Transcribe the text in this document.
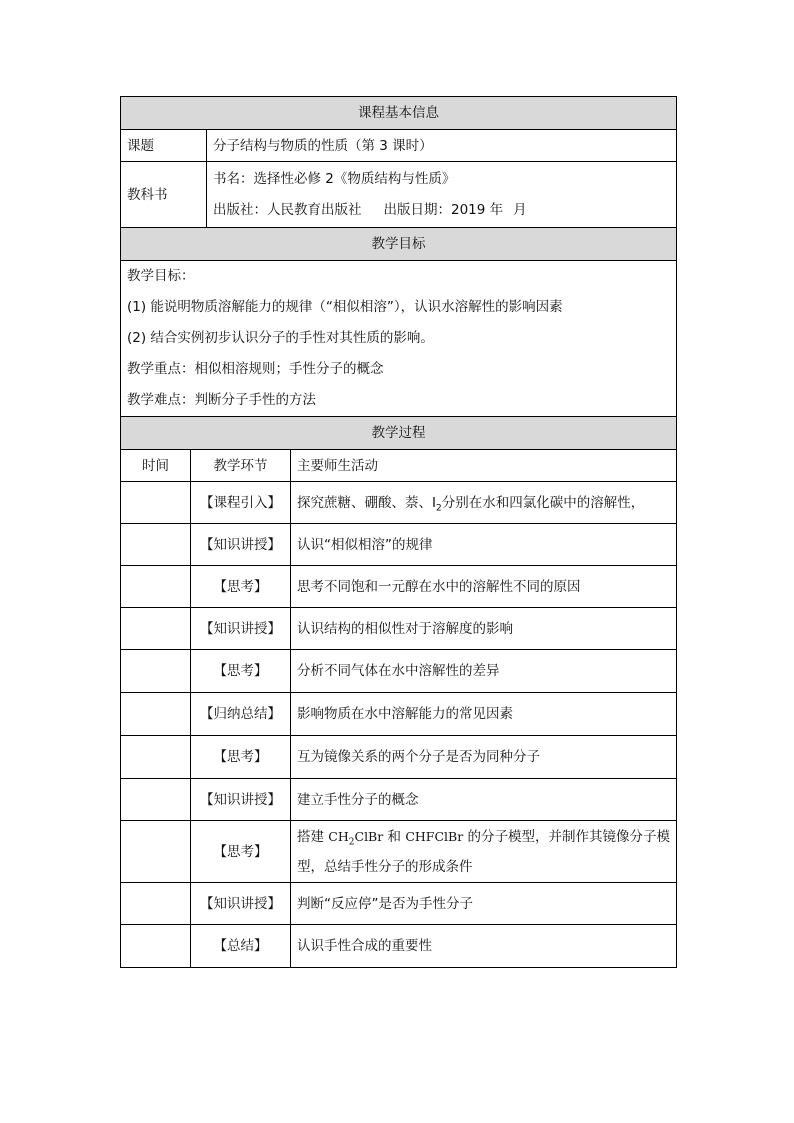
课程基本信息	
课题	分子结构与物质的性质（第 3 课时）
教科书	书名：选择性必修 2《物质结构与性质》
出版社：人民教育出版社 出版日期：2019 年 月

教学目标	

教学目标：
(1) 能说明物质溶解能力的规律（“相似相溶”），认识水溶解性的影响因素
(2) 结合实例初步认识分子的手性对其性质的影响。
教学重点：相似相溶规则；手性分子的概念
教学难点：判断分子手性的方法	

教学过程	
时间	教学环节	主要师生活动
	【课程引入】	探究蔗糖、硼酸、萘、$I_2$分别在水和四氯化碳中的溶解性，
	【知识讲授】	认识“相似相溶”的规律
	【思考】	思考不同饱和一元醇在水中的溶解性不同的原因
	【知识讲授】	认识结构的相似性对于溶解度的影响
	【思考】	分析不同气体在水中溶解性的差异
	【归纳总结】	影响物质在水中溶解能力的常见因素
	【思考】	互为镜像关系的两个分子是否为同种分子
	【知识讲授】	建立手性分子的概念
	【思考】	搭建 $CH_2ClBr$ 和 CHFClBr 的分子模型，并制作其镜像分子模
型，总结手性分子的形成条件
	【知识讲授】	判断“反应停”是否为手性分子
	【总结】	认识手性合成的重要性
